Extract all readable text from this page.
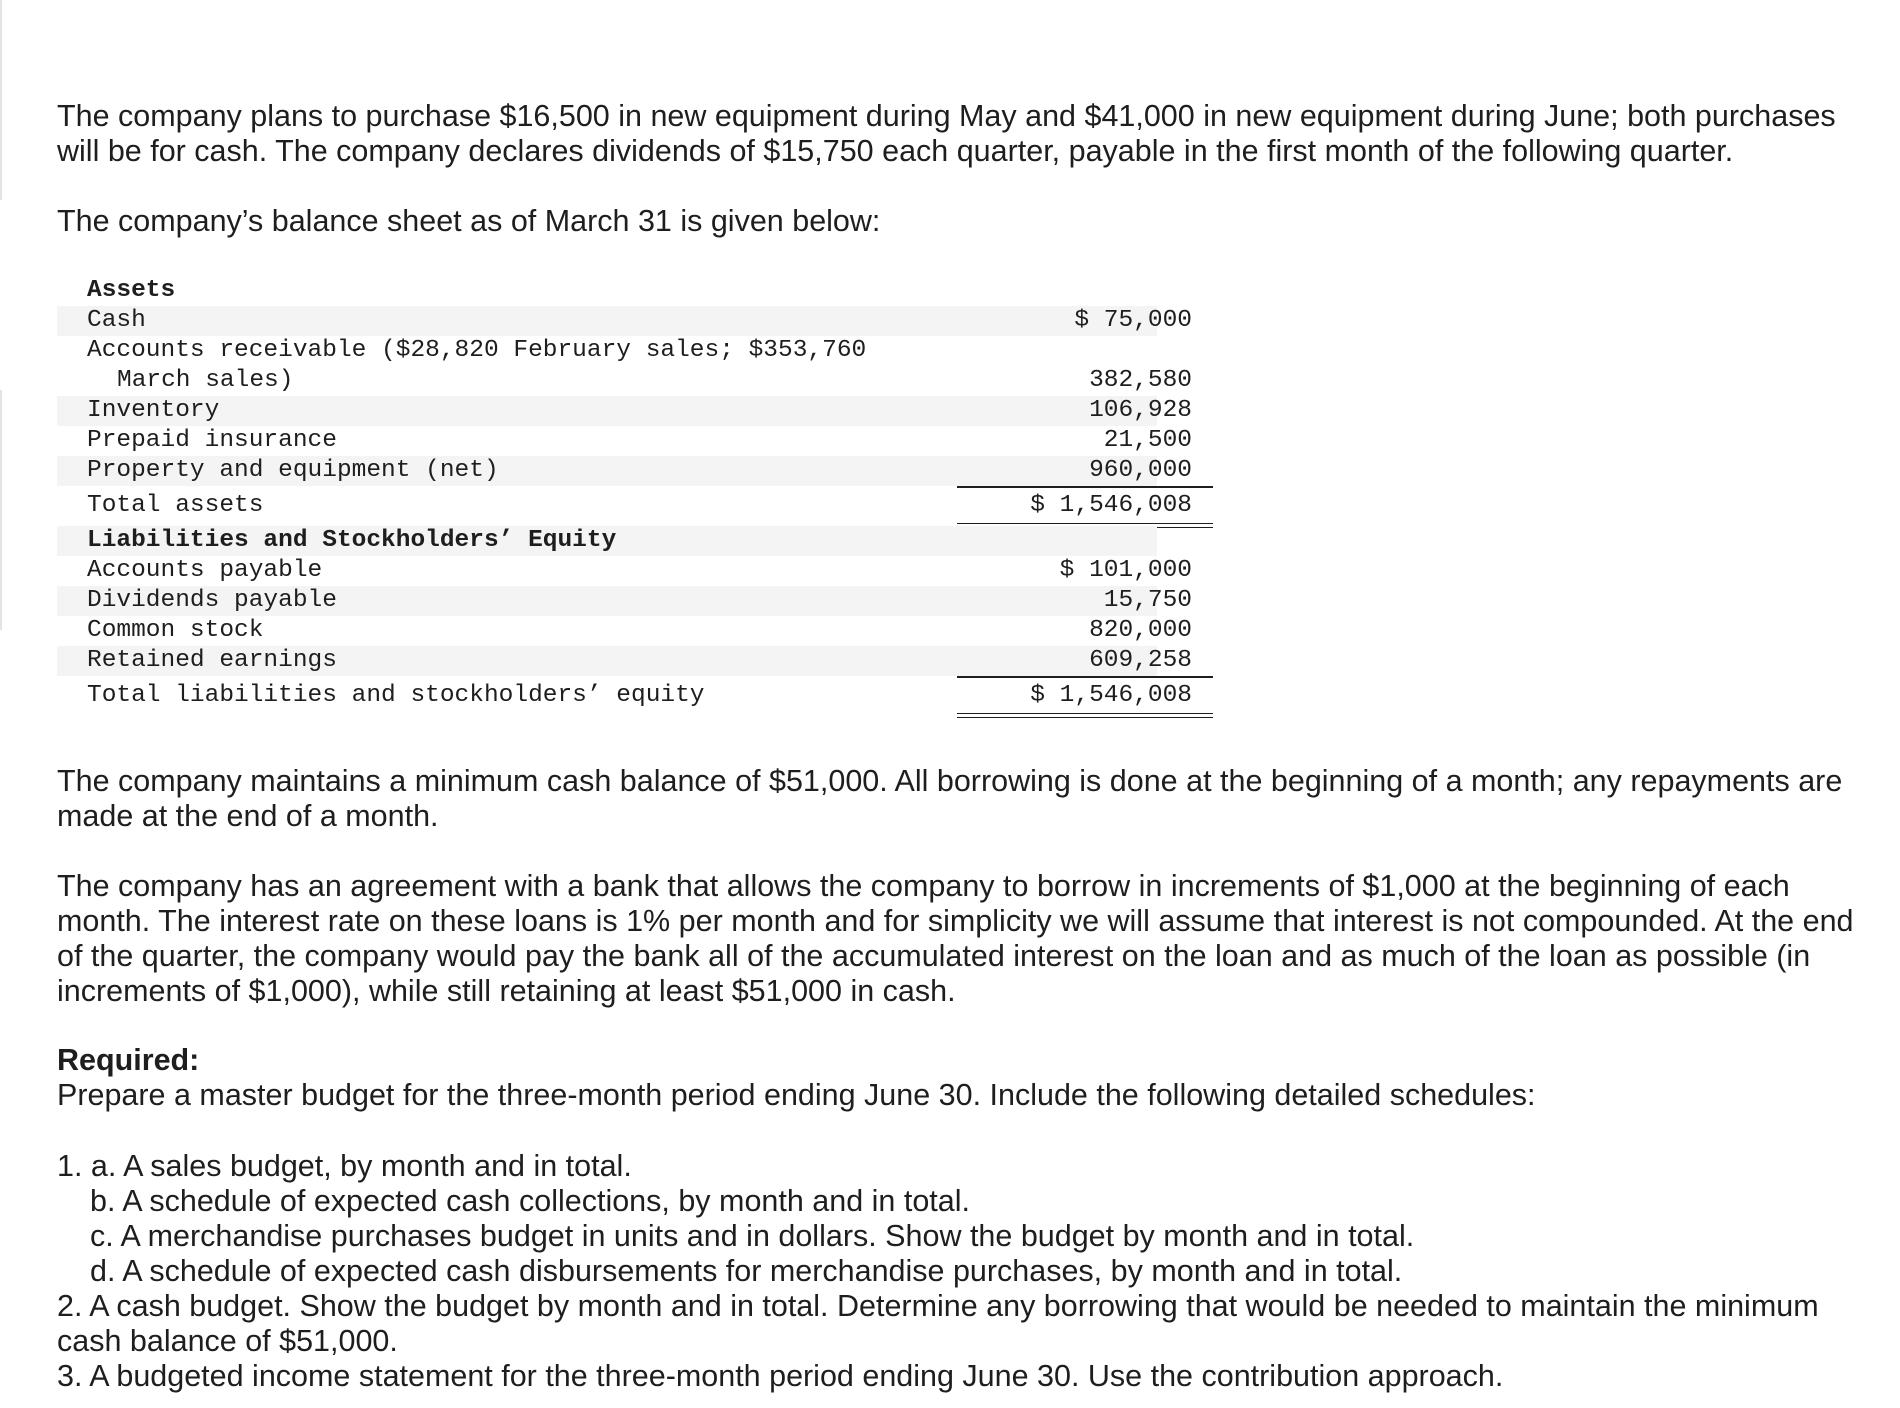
The company plans to purchase $16,500 in new equipment during May and $41,000 in new equipment during June; both purchases
will be for cash. The company declares dividends of $15,750 each quarter, payable in the first month of the following quarter.
The company’s balance sheet as of March 31 is given below:
Assets
Cash	$ 75,000
Accounts receivable ($28,820 February sales; $353,760
March sales)	382,580
Inventory	106,928
Prepaid insurance	21,500
Property and equipment (net)	960,000
Total assets	$ 1,546,008
Liabilities and Stockholders’ Equity
Accounts payable	$ 101,000
Dividends payable	15,750
Common stock	820,000
Retained earnings	609,258
Total liabilities and stockholders’ equity	$ 1,546,008
The company maintains a minimum cash balance of $51,000. All borrowing is done at the beginning of a month; any repayments are
made at the end of a month.
The company has an agreement with a bank that allows the company to borrow in increments of $1,000 at the beginning of each
month. The interest rate on these loans is 1% per month and for simplicity we will assume that interest is not compounded. At the end
of the quarter, the company would pay the bank all of the accumulated interest on the loan and as much of the loan as possible (in
increments of $1,000), while still retaining at least $51,000 in cash.
Required:
Prepare a master budget for the three-month period ending June 30. Include the following detailed schedules:
1. a. A sales budget, by month and in total.
b. A schedule of expected cash collections, by month and in total.
c. A merchandise purchases budget in units and in dollars. Show the budget by month and in total.
d. A schedule of expected cash disbursements for merchandise purchases, by month and in total.
2. A cash budget. Show the budget by month and in total. Determine any borrowing that would be needed to maintain the minimum
cash balance of $51,000.
3. A budgeted income statement for the three-month period ending June 30. Use the contribution approach.
